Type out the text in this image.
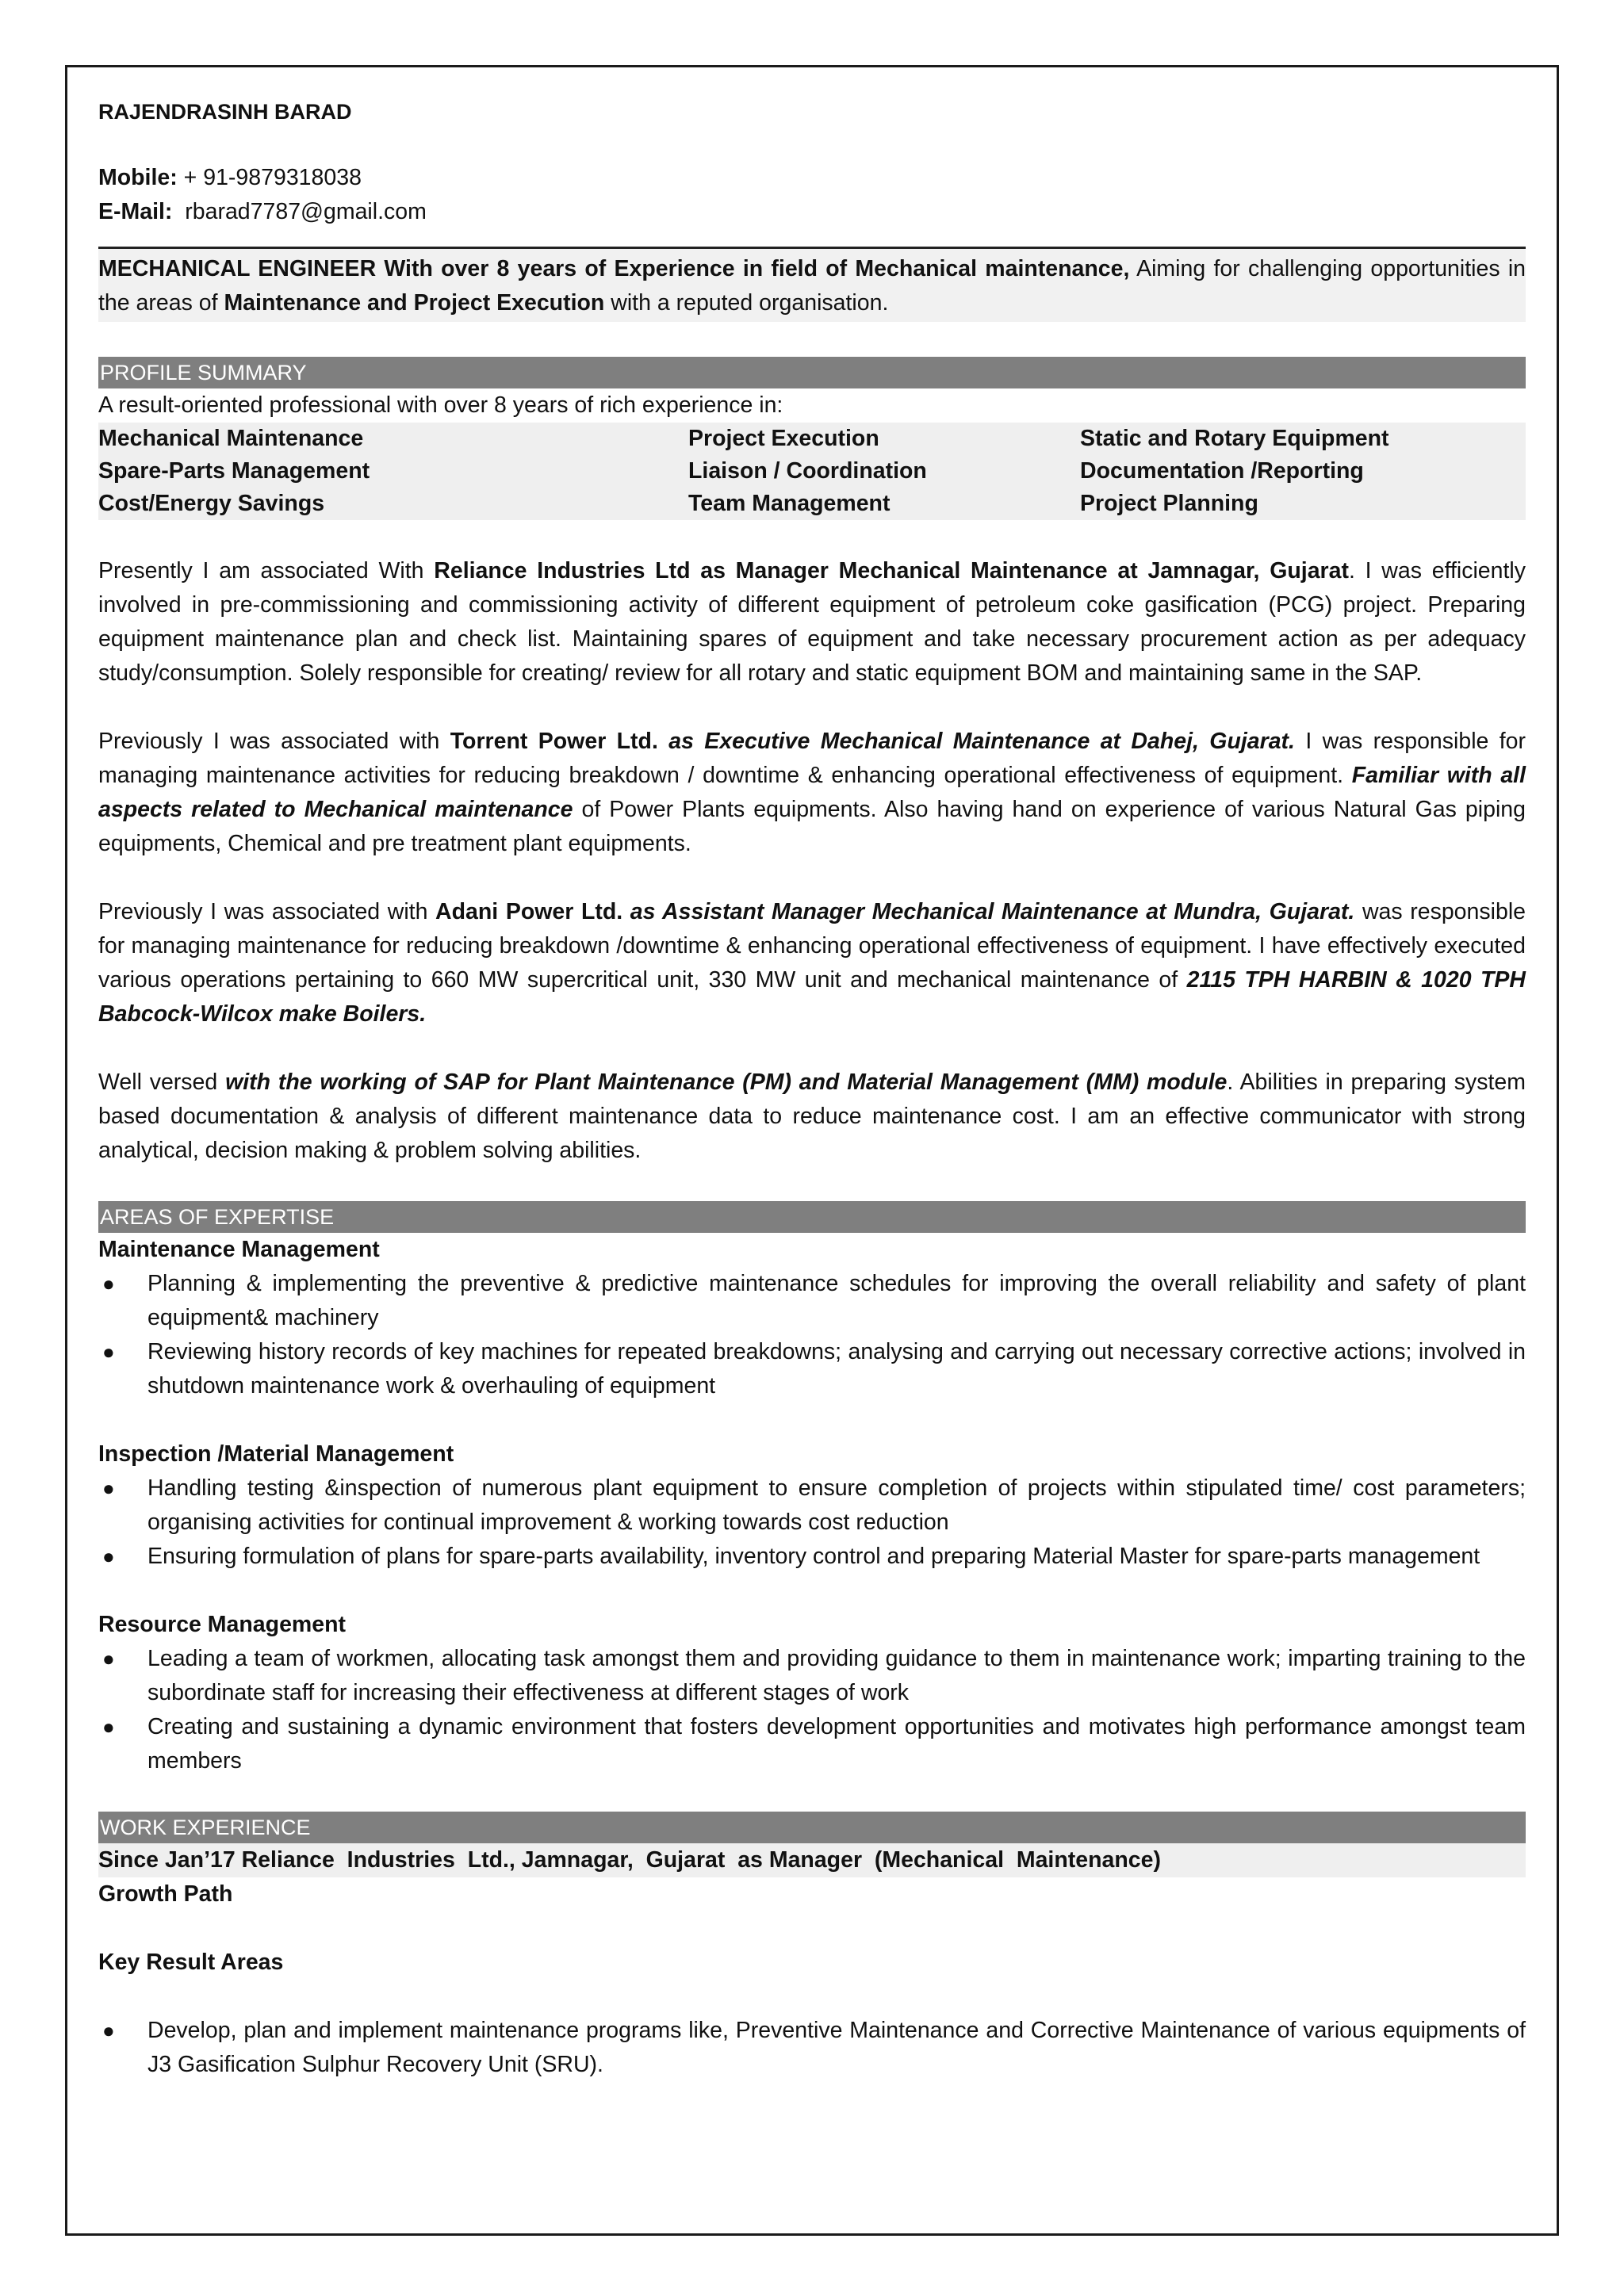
RAJENDRASINH BARAD
Mobile: + 91-9879318038
E-Mail:  rbarad7787@gmail.com
MECHANICAL ENGINEER With over 8 years of Experience in field of Mechanical maintenance, Aiming for challenging opportunities in the areas of Maintenance and Project Execution with a reputed organisation.
PROFILE SUMMARY
A result-oriented professional with over 8 years of rich experience in:
Mechanical Maintenance	Project Execution	Static and Rotary Equipment
Spare-Parts Management	Liaison / Coordination	Documentation /Reporting
Cost/Energy Savings	Team Management	Project Planning

Presently I am associated With Reliance Industries Ltd as Manager Mechanical Maintenance at Jamnagar, Gujarat. I was efficiently involved in pre-commissioning and commissioning activity of different equipment of petroleum coke gasification (PCG) project. Preparing equipment maintenance plan and check list. Maintaining spares of equipment and take necessary procurement action as per adequacy study/consumption. Solely responsible for creating/ review for all rotary and static equipment BOM and maintaining same in the SAP.

Previously I was associated with Torrent Power Ltd. as Executive Mechanical Maintenance at Dahej, Gujarat. I was responsible for managing maintenance activities for reducing breakdown / downtime & enhancing operational effectiveness of equipment. Familiar with all aspects related to Mechanical maintenance of Power Plants equipments. Also having hand on experience of various Natural Gas piping equipments, Chemical and pre treatment plant equipments.

Previously I was associated with Adani Power Ltd. as Assistant Manager Mechanical Maintenance at Mundra, Gujarat. was responsible for managing maintenance for reducing breakdown /downtime & enhancing operational effectiveness of equipment. I have effectively executed various operations pertaining to 660 MW supercritical unit, 330 MW unit and mechanical maintenance of 2115 TPH HARBIN & 1020 TPH Babcock-Wilcox make Boilers.

Well versed with the working of SAP for Plant Maintenance (PM) and Material Management (MM) module. Abilities in preparing system based documentation & analysis of different maintenance data to reduce maintenance cost. I am an effective communicator with strong analytical, decision making & problem solving abilities.

AREAS OF EXPERTISE
Maintenance Management
● Planning & implementing the preventive & predictive maintenance schedules for improving the overall reliability and safety of plant equipment& machinery
● Reviewing history records of key machines for repeated breakdowns; analysing and carrying out necessary corrective actions; involved in shutdown maintenance work & overhauling of equipment
Inspection /Material Management
● Handling testing &inspection of numerous plant equipment to ensure completion of projects within stipulated time/ cost parameters; organising activities for continual improvement & working towards cost reduction
● Ensuring formulation of plans for spare-parts availability, inventory control and preparing Material Master for spare-parts management
Resource Management
● Leading a team of workmen, allocating task amongst them and providing guidance to them in maintenance work; imparting training to the subordinate staff for increasing their effectiveness at different stages of work
● Creating and sustaining a dynamic environment that fosters development opportunities and motivates high performance amongst team members
WORK EXPERIENCE
Since Jan’17 Reliance  Industries  Ltd., Jamnagar,  Gujarat  as Manager  (Mechanical  Maintenance)
Growth Path
Key Result Areas
● Develop, plan and implement maintenance programs like, Preventive Maintenance and Corrective Maintenance of various equipments of J3 Gasification Sulphur Recovery Unit (SRU).
